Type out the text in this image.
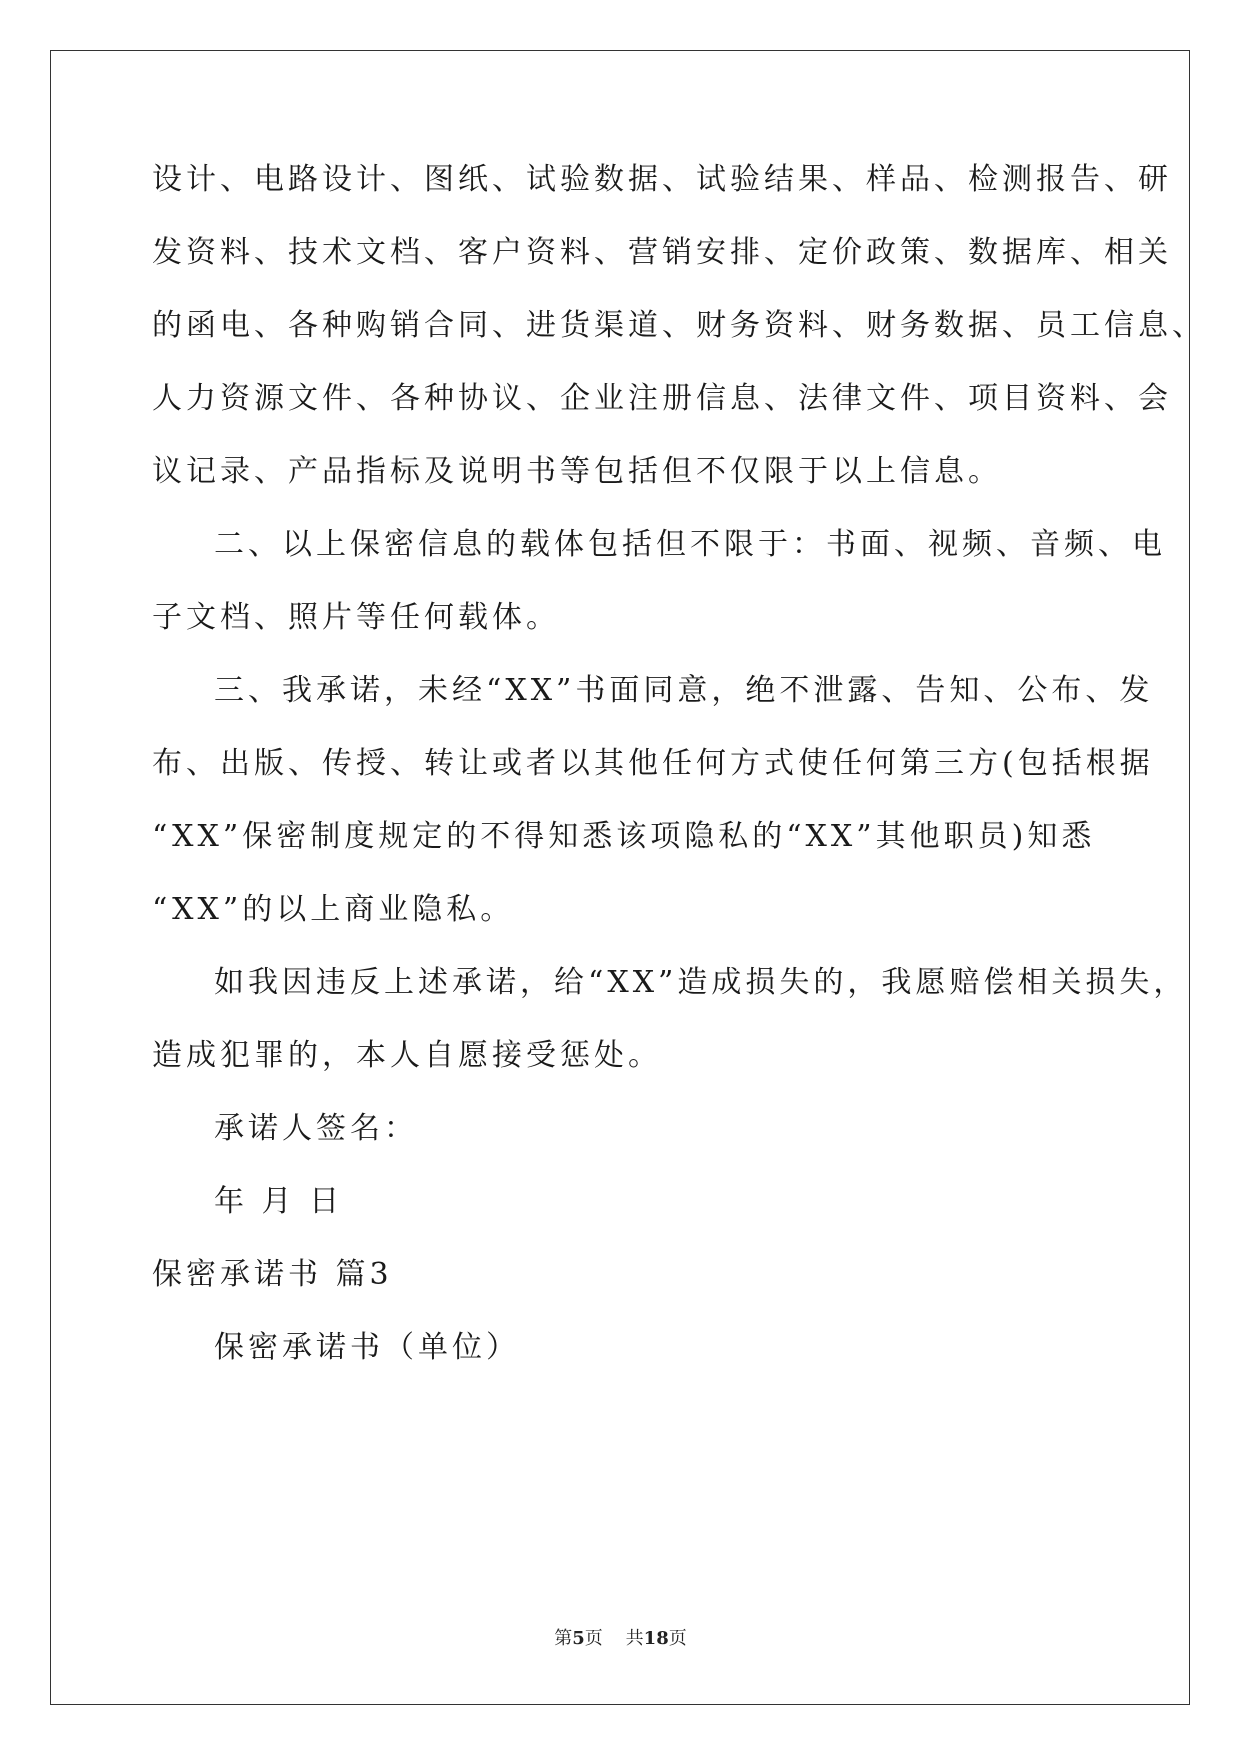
设计、电路设计、图纸、试验数据、试验结果、样品、检测报告、研
发资料、技术文档、客户资料、营销安排、定价政策、数据库、相关
的函电、各种购销合同、进货渠道、财务资料、财务数据、员工信息、
人力资源文件、各种协议、企业注册信息、法律文件、项目资料、会
议记录、产品指标及说明书等包括但不仅限于以上信息。
二、以上保密信息的载体包括但不限于：书面、视频、音频、电
子文档、照片等任何载体。
三、我承诺，未经“XX”书面同意，绝不泄露、告知、公布、发
布、出版、传授、转让或者以其他任何方式使任何第三方(包括根据
“XX”保密制度规定的不得知悉该项隐私的“XX”其他职员)知悉
“XX”的以上商业隐私。
如我因违反上述承诺，给“XX”造成损失的，我愿赔偿相关损失，
造成犯罪的，本人自愿接受惩处。
承诺人签名：
年 月 日
保密承诺书 篇3
保密承诺书（单位）
第5页 共18页
